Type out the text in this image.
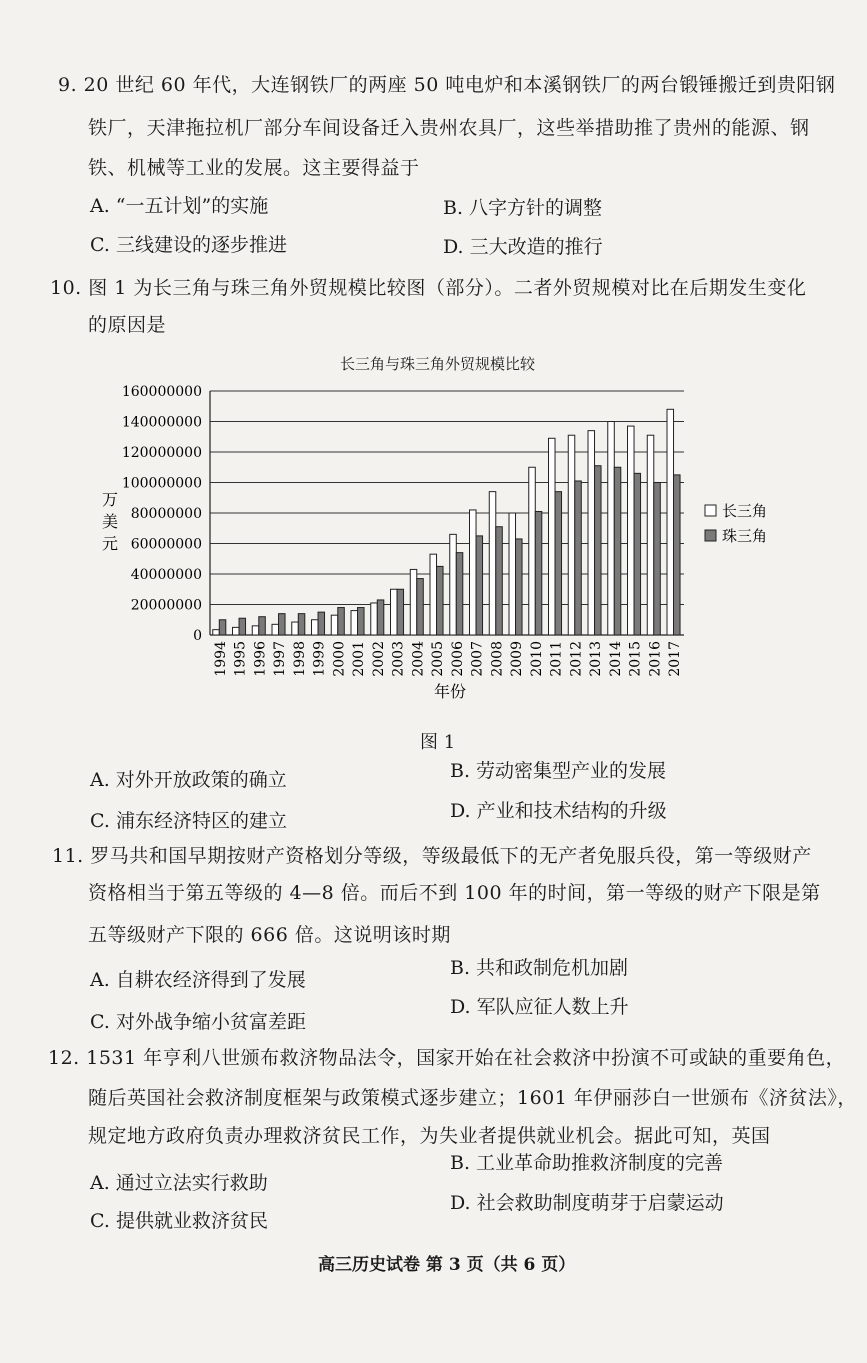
9. 20 世纪 60 年代，大连钢铁厂的两座 50 吨电炉和本溪钢铁厂的两台锻锤搬迁到贵阳钢
铁厂，天津拖拉机厂部分车间设备迁入贵州农具厂，这些举措助推了贵州的能源、钢
铁、机械等工业的发展。这主要得益于
A. “一五计划”的实施	B. 八字方针的调整
C. 三线建设的逐步推进	D. 三大改造的推行
10. 图 1 为长三角与珠三角外贸规模比较图（部分）。二者外贸规模对比在后期发生变化
的原因是
长三角与珠三角外贸规模比较
0
20000000
40000000
60000000
80000000
100000000
120000000
140000000
160000000
1994 1995 1996 1997 1998 1999 2000 2001 2002 2003 2004 2005 2006 2007 2008 2009 2010 2011 2012 2013 2014 2015 2016 2017
万
美
元
年份
长三角
珠三角
图 1
A. 对外开放政策的确立	B. 劳动密集型产业的发展
C. 浦东经济特区的建立	D. 产业和技术结构的升级
11. 罗马共和国早期按财产资格划分等级，等级最低下的无产者免服兵役，第一等级财产
资格相当于第五等级的 4—8 倍。而后不到 100 年的时间，第一等级的财产下限是第
五等级财产下限的 666 倍。这说明该时期
A. 自耕农经济得到了发展
B. 共和政制危机加剧
C. 对外战争缩小贫富差距
D. 军队应征人数上升
12. 1531 年亨利八世颁布救济物品法令，国家开始在社会救济中扮演不可或缺的重要角色，
随后英国社会救济制度框架与政策模式逐步建立；1601 年伊丽莎白一世颁布《济贫法》，
规定地方政府负责办理救济贫民工作，为失业者提供就业机会。据此可知，英国
A. 通过立法实行救助
B. 工业革命助推救济制度的完善
C. 提供就业救济贫民
D. 社会救助制度萌芽于启蒙运动
高三历史试卷 第 3 页（共 6 页）
